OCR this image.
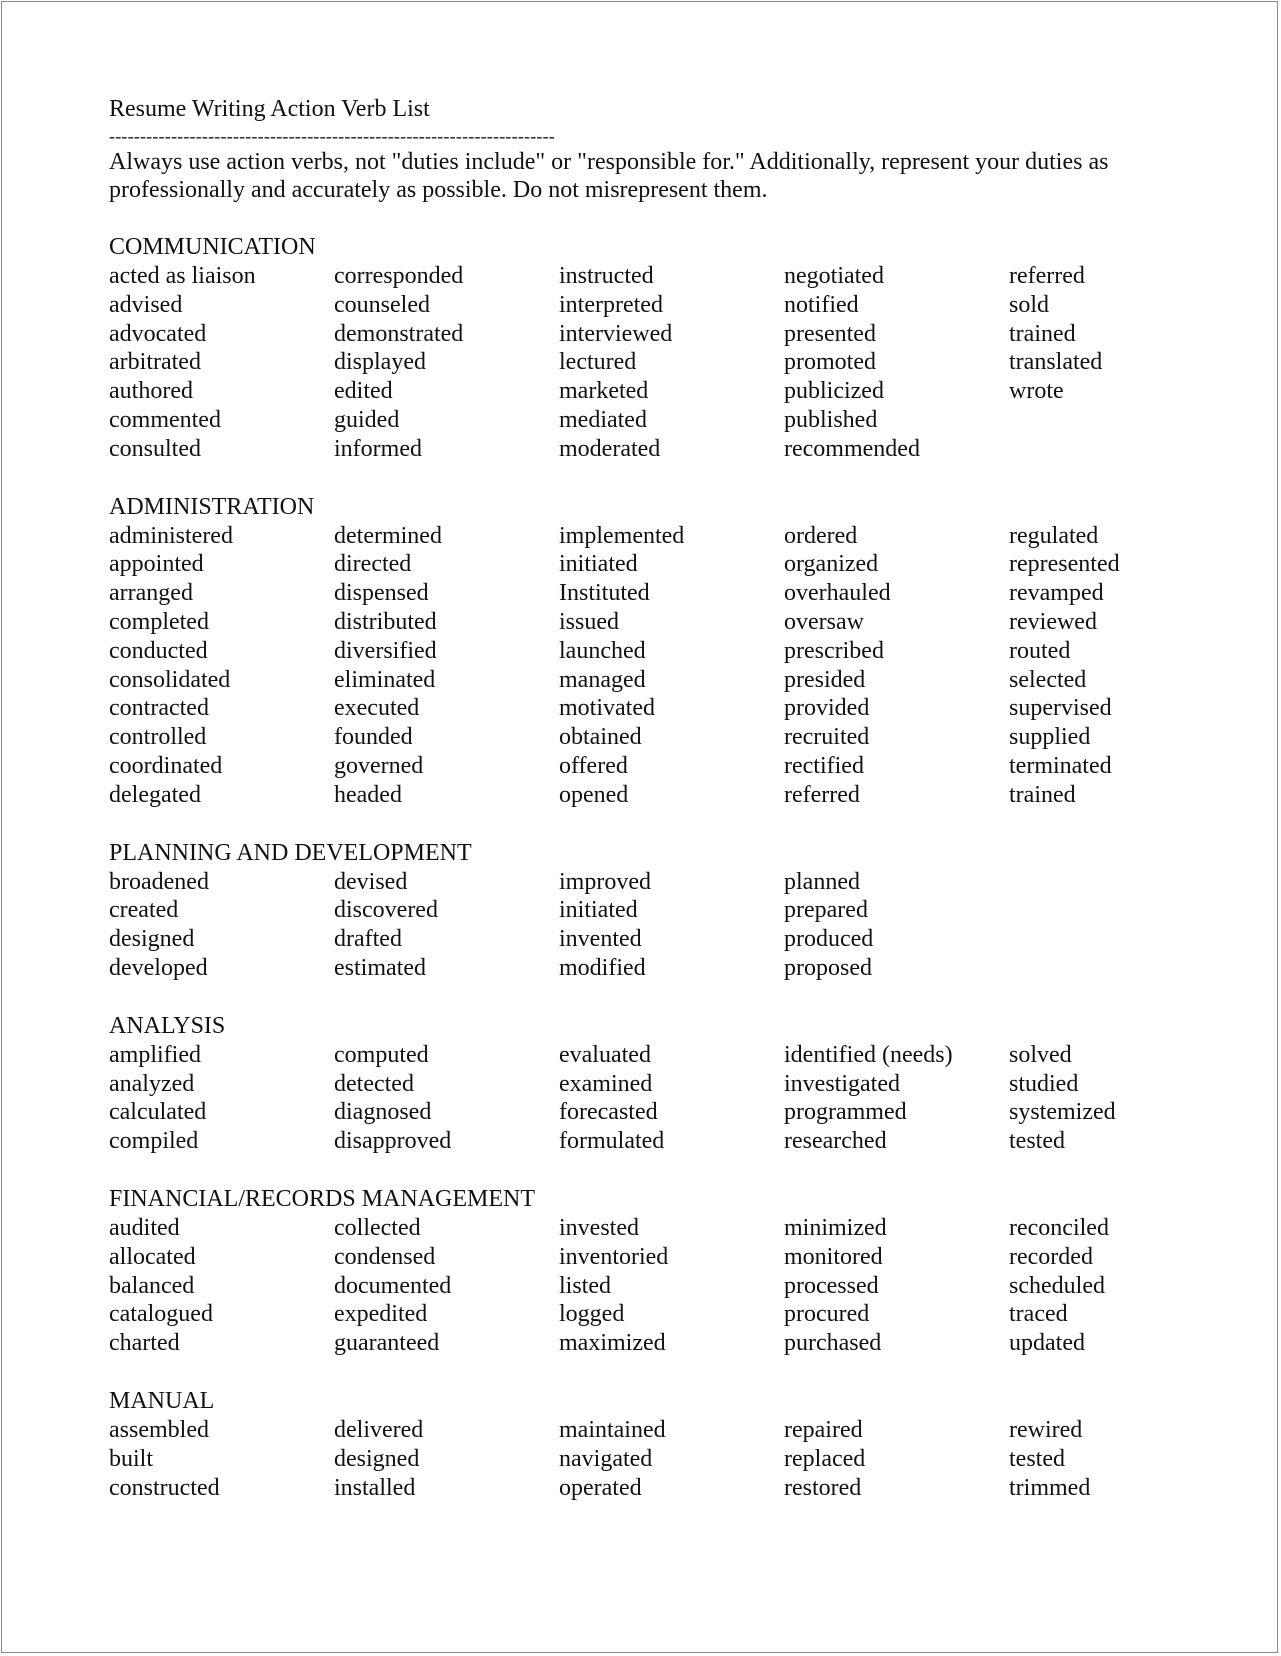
Resume Writing Action Verb List
------------------------------------------------------------------------

Always use action verbs, not "duties include" or "responsible for." Additionally, represent your duties as professionally and accurately as possible. Do not misrepresent them.

COMMUNICATION
acted as liaison	corresponded	instructed	negotiated	referred
advised	counseled	interpreted	notified	sold
advocated	demonstrated	interviewed	presented	trained
arbitrated	displayed	lectured	promoted	translated
authored	edited	marketed	publicized	wrote
commented	guided	mediated	published
consulted	informed	moderated	recommended
ADMINISTRATION
administered	determined	implemented	ordered	regulated
appointed	directed	initiated	organized	represented
arranged	dispensed	Instituted	overhauled	revamped
completed	distributed	issued	oversaw	reviewed
conducted	diversified	launched	prescribed	routed
consolidated	eliminated	managed	presided	selected
contracted	executed	motivated	provided	supervised
controlled	founded	obtained	recruited	supplied
coordinated	governed	offered	rectified	terminated
delegated	headed	opened	referred	trained
PLANNING AND DEVELOPMENT
broadened	devised	improved	planned
created	discovered	initiated	prepared
designed	drafted	invented	produced
developed	estimated	modified	proposed
ANALYSIS
amplified	computed	evaluated	identified (needs)	solved
analyzed	detected	examined	investigated	studied
calculated	diagnosed	forecasted	programmed	systemized
compiled	disapproved	formulated	researched	tested
FINANCIAL/RECORDS MANAGEMENT
audited	collected	invested	minimized	reconciled
allocated	condensed	inventoried	monitored	recorded
balanced	documented	listed	processed	scheduled
catalogued	expedited	logged	procured	traced
charted	guaranteed	maximized	purchased	updated
MANUAL
assembled	delivered	maintained	repaired	rewired
built	designed	navigated	replaced	tested
constructed	installed	operated	restored	trimmed
